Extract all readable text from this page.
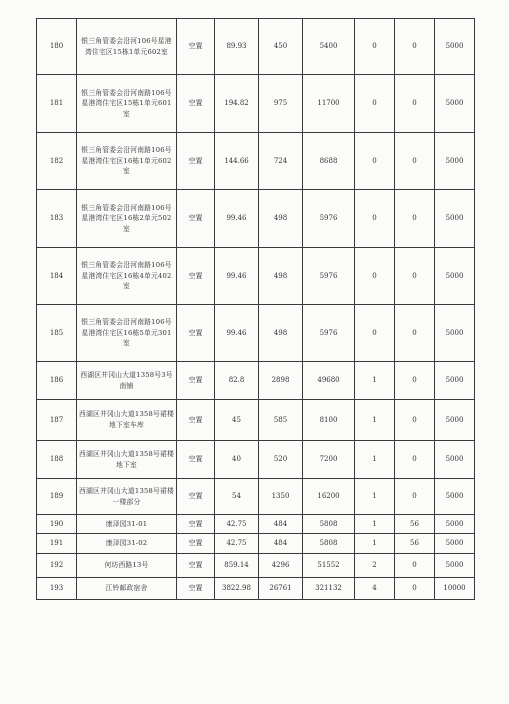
180	银三角管委会沿河106号星港湾住宅区15栋1单元602室	空置	89.93	450	5400	0	0	5000
181	银三角管委会沿河南路106号星港湾住宅区15栋1单元601室	空置	194.82	975	11700	0	0	5000
182	银三角管委会沿河南路106号星港湾住宅区16栋1单元602室	空置	144.66	724	8688	0	0	5000
183	银三角管委会沿河南路106号星港湾住宅区16栋2单元502室	空置	99.46	498	5976	0	0	5000
184	银三角管委会沿河南路106号星港湾住宅区16栋4单元402室	空置	99.46	498	5976	0	0	5000
185	银三角管委会沿河南路106号星港湾住宅区16栋5单元301室	空置	99.46	498	5976	0	0	5000
186	西湖区井冈山大道1358号3号南铺	空置	82.8	2898	49680	1	0	5000
187	西湖区井冈山大道1358号裙楼地下室车库	空置	45	585	8100	1	0	5000
188	西湖区井冈山大道1358号裙楼地下室	空置	40	520	7200	1	0	5000
189	西湖区井冈山大道1358号裙楼一楼部分	空置	54	1350	16200	1	0	5000
190	康泽园31-01	空置	42.75	484	5808	1	56	5000
191	康泽园31-02	空置	42.75	484	5808	1	56	5000
192	何坊西路13号	空置	859.14	4296	51552	2	0	5000
193	江铃邮政宿舍	空置	3822.98	26761	321132	4	0	10000
